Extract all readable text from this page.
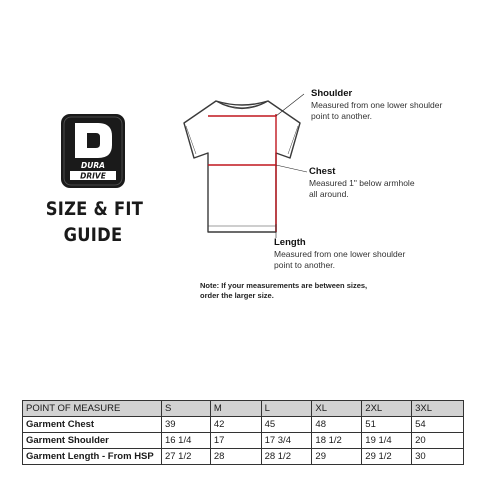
DURA
DRIVE
SIZE & FIT
GUIDE
Shoulder
Measured from one lower shoulder
point to another.
Chest
Measured 1" below armhole
all around.
Length
Measured from one lower shoulder
point to another.
Note: If your measurements are between sizes,
order the larger size.
POINT OF MEASURE	S	M	L	XL	2XL	3XL
Garment Chest	39	42	45	48	51	54
Garment Shoulder	16 1/4	17	17 3/4	18 1/2	19 1/4	20
Garment Length - From HSP	27 1/2	28	28 1/2	29	29 1/2	30
